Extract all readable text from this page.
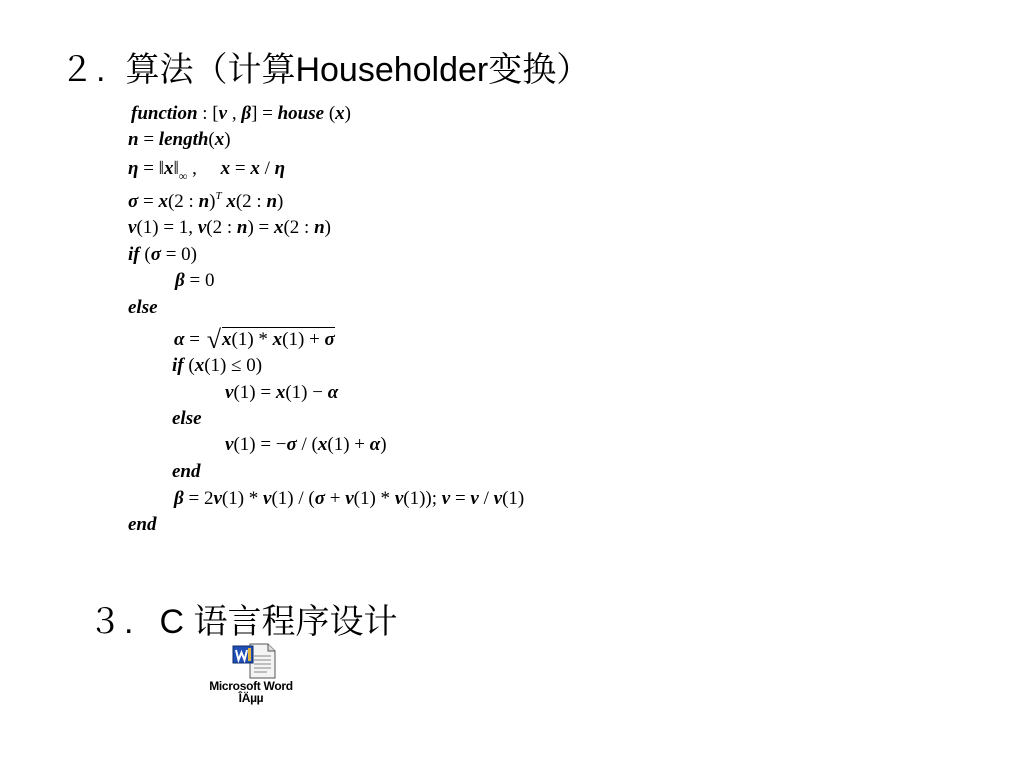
２. 算法（计算Householder变换）
function : [v , β] = house (x)
n = length(x)
$\eta = ‖x‖_\infty$ ,     x = x / η
σ = x(2 : n)$^T$ x(2 : n)
v(1) = 1, v(2 : n) = x(2 : n)
if (σ = 0)
β = 0
else
α = √x(1) * x(1) + σ
if (x(1) ≤ 0)
v(1) = x(1) − α
else
v(1) = −σ / (x(1) + α)
end
β = 2v(1) * v(1) / (σ + v(1) * v(1)); v = v / v(1)
end
３. C 语言程序设计
Microsoft Word
ÎÄµµ
